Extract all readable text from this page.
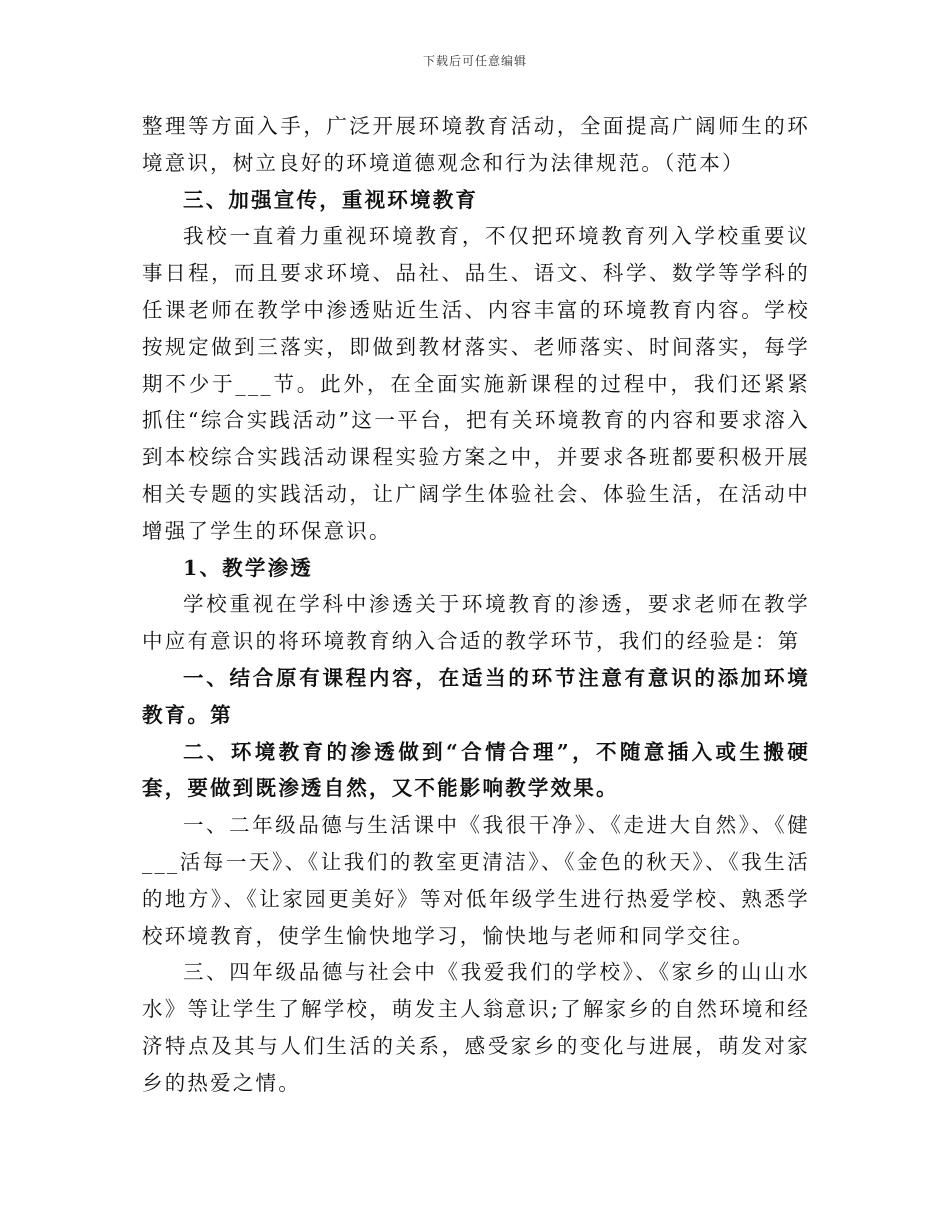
下载后可任意编辑

整理等方面入手，广泛开展环境教育活动，全面提高广阔师生的环境意识，树立良好的环境道德观念和行为法律规范。（范本）

三、加强宣传，重视环境教育

我校一直着力重视环境教育，不仅把环境教育列入学校重要议事日程，而且要求环境、品社、品生、语文、科学、数学等学科的任课老师在教学中渗透贴近生活、内容丰富的环境教育内容。学校按规定做到三落实，即做到教材落实、老师落实、时间落实，每学期不少于___节。此外，在全面实施新课程的过程中，我们还紧紧抓住“综合实践活动”这一平台，把有关环境教育的内容和要求溶入到本校综合实践活动课程实验方案之中，并要求各班都要积极开展相关专题的实践活动，让广阔学生体验社会、体验生活，在活动中增强了学生的环保意识。

1、教学渗透

学校重视在学科中渗透关于环境教育的渗透，要求老师在教学中应有意识的将环境教育纳入合适的教学环节，我们的经验是：第

一、结合原有课程内容，在适当的环节注意有意识的添加环境教育。第

二、环境教育的渗透做到“合情合理”，不随意插入或生搬硬套，要做到既渗透自然，又不能影响教学效果。

一、二年级品德与生活课中《我很干净》、《走进大自然》、《健___活每一天》、《让我们的教室更清洁》、《金色的秋天》、《我生活的地方》、《让家园更美好》等对低年级学生进行热爱学校、熟悉学校环境教育，使学生愉快地学习，愉快地与老师和同学交往。

三、四年级品德与社会中《我爱我们的学校》、《家乡的山山水水》等让学生了解学校，萌发主人翁意识;了解家乡的自然环境和经济特点及其与人们生活的关系，感受家乡的变化与进展，萌发对家乡的热爱之情。
